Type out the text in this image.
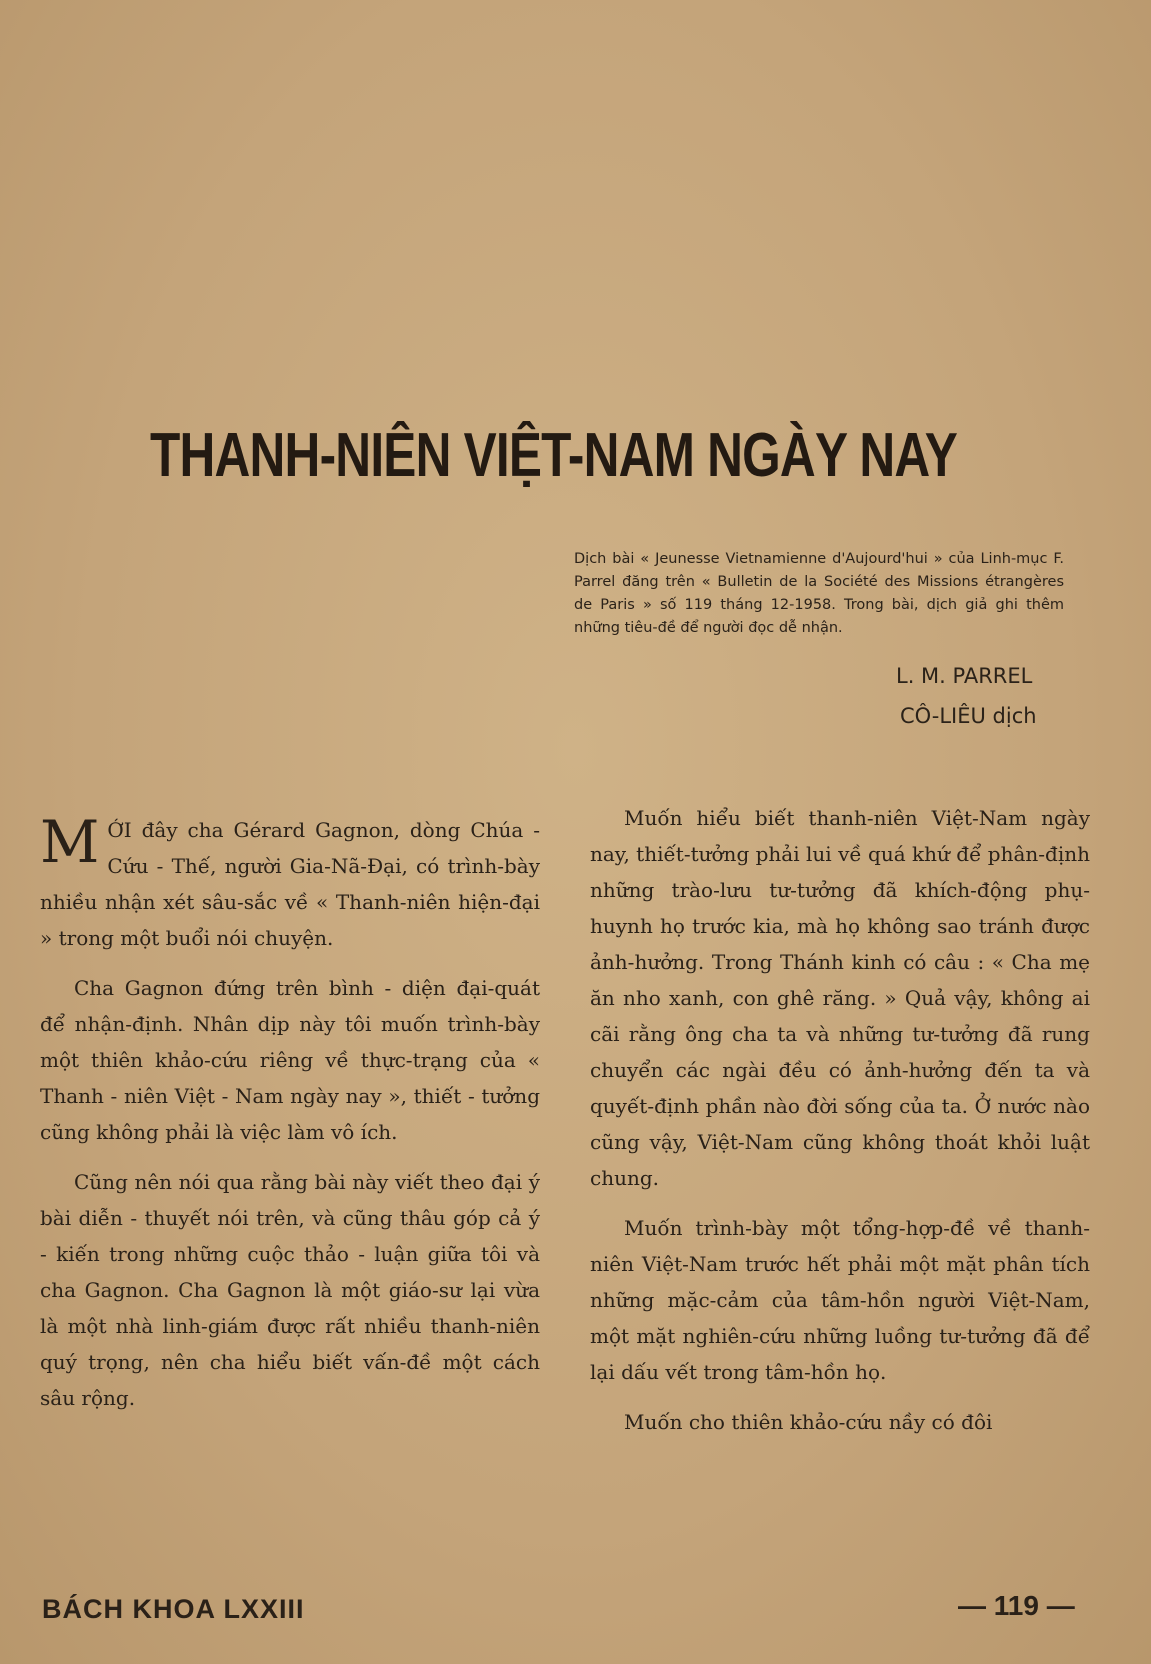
THANH-NIÊN VIỆT-NAM NGÀY NAY
Dịch bài « Jeunesse Vietnamienne d'Aujourd'hui » của Linh-mục F. Parrel đăng trên « Bulletin de la Société des Missions étrangères de Paris » số 119 tháng 12-1958. Trong bài, dịch giả ghi thêm những tiêu-đề để người đọc dễ nhận.
L. M. PARREL
CÔ-LIÊU dịch

MỚI đây cha Gérard Gagnon, dòng Chúa - Cứu - Thế, người Gia-Nã-Đại, có trình-bày nhiều nhận xét sâu-sắc về « Thanh-niên hiện-đại » trong một buổi nói chuyện.

Cha Gagnon đứng trên bình - diện đại-quát để nhận-định. Nhân dịp này tôi muốn trình-bày một thiên khảo-cứu riêng về thực-trạng của « Thanh - niên Việt - Nam ngày nay », thiết - tưởng cũng không phải là việc làm vô ích.

Cũng nên nói qua rằng bài này viết theo đại ý bài diễn - thuyết nói trên, và cũng thâu góp cả ý - kiến trong những cuộc thảo - luận giữa tôi và cha Gagnon. Cha Gagnon là một giáo-sư lại vừa là một nhà linh-giám được rất nhiều thanh-niên quý trọng, nên cha hiểu biết vấn-đề một cách sâu rộng.

Muốn hiểu biết thanh-niên Việt-Nam ngày nay, thiết-tưởng phải lui về quá khứ để phân-định những trào-lưu tư-tưởng đã khích-động phụ-huynh họ trước kia, mà họ không sao tránh được ảnh-hưởng. Trong Thánh kinh có câu : « Cha mẹ ăn nho xanh, con ghê răng. » Quả vậy, không ai cãi rằng ông cha ta và những tư-tưởng đã rung chuyển các ngài đều có ảnh-hưởng đến ta và quyết-định phần nào đời sống của ta. Ở nước nào cũng vậy, Việt-Nam cũng không thoát khỏi luật chung.

Muốn trình-bày một tổng-hợp-đề về thanh-niên Việt-Nam trước hết phải một mặt phân tích những mặc-cảm của tâm-hồn người Việt-Nam, một mặt nghiên-cứu những luồng tư-tưởng đã để lại dấu vết trong tâm-hồn họ.

Muốn cho thiên khảo-cứu nầy có đôi

BÁCH KHOA LXXIII	— 119 —
